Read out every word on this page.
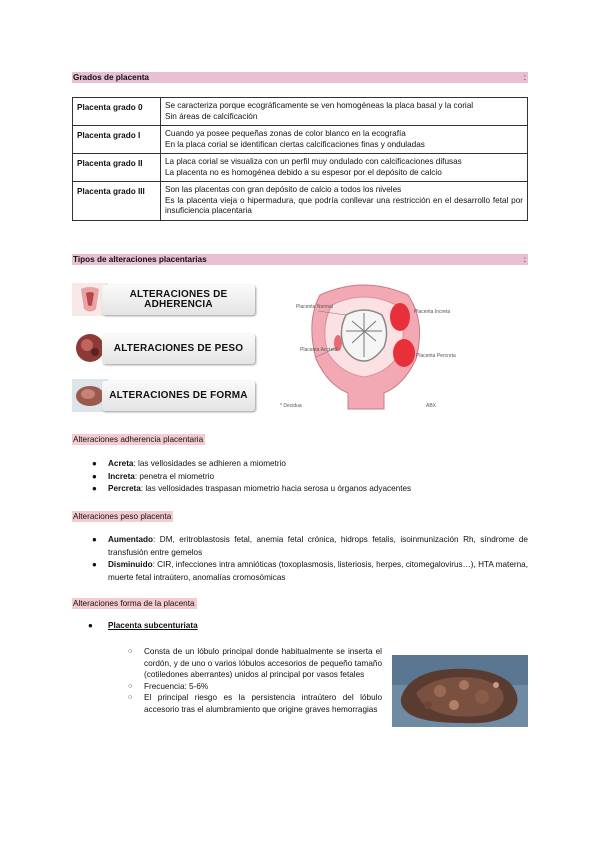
Grados de placenta	:
Placenta grado 0	Se caracteriza porque ecográficamente se ven homogéneas la placa basal y la corial
Sin áreas de calcificación

Placenta grado I	Cuando ya posee pequeñas zonas de color blanco en la ecografía
En la placa corial se identifican ciertas calcificaciones finas y onduladas

Placenta grado II	La placa corial se visualiza con un perfil muy ondulado con calcificaciones difusas
La placenta no es homogénea debido a su espesor por el depósito de calcio

Placenta grado III	Son las placentas con gran depósito de calcio a todos los niveles
Es la placenta vieja o hipermadura, que podría conllevar una restricción en el desarrollo fetal por insuficiencia placentaria
Tipos de alteraciones placentarias	:
ALTERACIONES DE ADHERENCIA
ALTERACIONES DE PESO
ALTERACIONES DE FORMA
Placenta Normal
Placenta Increta
Placenta Accreta
Placenta Percreta
* Decidua	ABX
Alteraciones adherencia placentaria
● Acreta: las vellosidades se adhieren a miometrio
● Increta: penetra el miometrio
● Percreta: las vellosidades traspasan miometrio hacia serosa u órganos adyacentes
Alteraciones peso placenta
● Aumentado: DM, eritroblastosis fetal, anemia fetal crónica, hidrops fetalis, isoinmunización Rh, síndrome de transfusión entre gemelos
● Disminuido: CIR, infecciones intra amnióticas (toxoplasmosis, listeriosis, herpes, citomegalovirus…), HTA materna, muerte fetal intraútero, anomalías cromosómicas
Alteraciones forma de la placenta
● Placenta subcenturiata
○ Consta de un lóbulo principal donde habitualmente se inserta el cordón, y de uno o varios lóbulos accesorios de pequeño tamaño (cotiledones aberrantes) unidos al principal por vasos fetales
○ Frecuencia: 5-6%
○ El principal riesgo es la persistencia intraútero del lóbulo accesorio tras el alumbramiento que origine graves hemorragias
